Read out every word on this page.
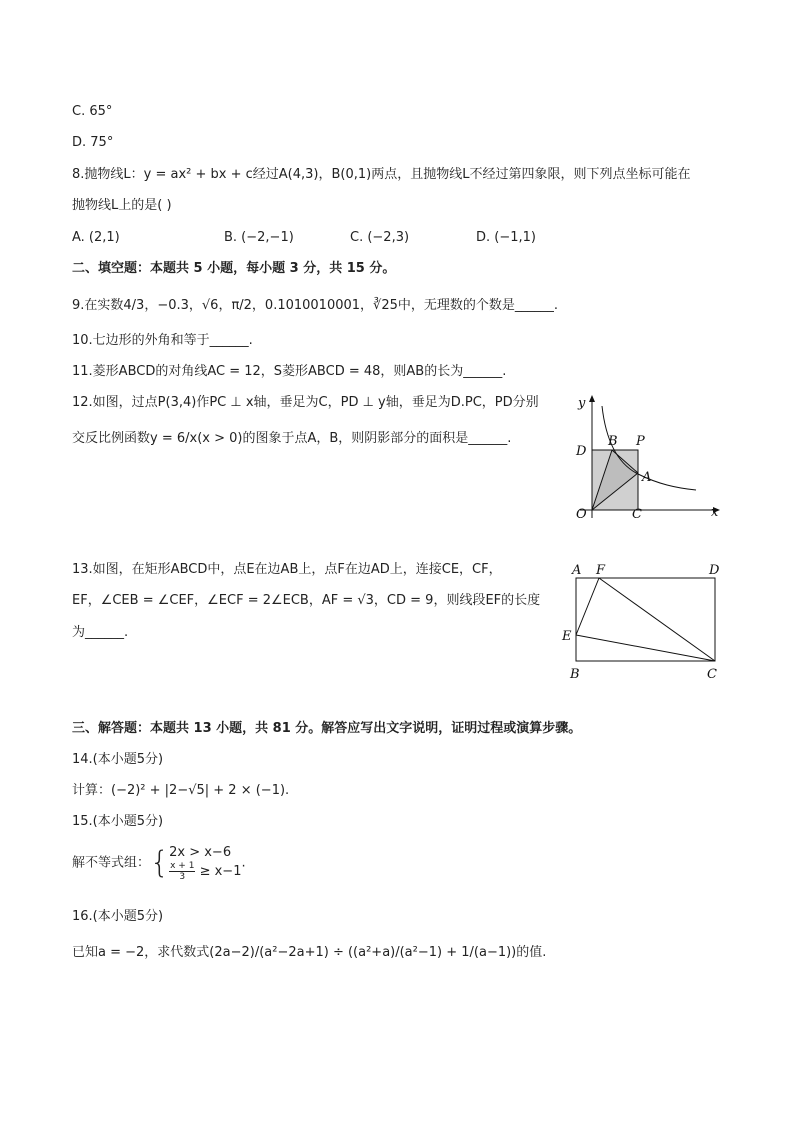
C. 65°
D. 75°
8.抛物线L：y = ax² + bx + c经过A(4,3)，B(0,1)两点，且抛物线L不经过第四象限，则下列点坐标可能在
抛物线L上的是( )
A. (2,1)	B. (−2,−1)	C. (−2,3)	D. (−1,1)
二、填空题：本题共 5 小题，每小题 3 分，共 15 分。
9.在实数4/3，−0.3，√6，π/2，0.1010010001，∛25中，无理数的个数是______.
10.七边形的外角和等于______.
11.菱形ABCD的对角线AC = 12，S菱形ABCD = 48，则AB的长为______.
12.如图，过点P(3,4)作PC ⊥ x轴，垂足为C，PD ⊥ y轴，垂足为D.PC，PD分别
交反比例函数y = 6/x(x > 0)的图象于点A，B，则阴影部分的面积是______.
y
x
O	C
D
B P
A
13.如图，在矩形ABCD中，点E在边AB上，点F在边AD上，连接CE，CF，
EF，∠CEB = ∠CEF，∠ECF = 2∠ECB，AF = √3，CD = 9，则线段EF的长度
为______.
A F	D
E
B	C
三、解答题：本题共 13 小题，共 81 分。解答应写出文字说明，证明过程或演算步骤。
14.(本小题5分)
计算：(−2)² + |2−√5| + 2 × (−1).
15.(本小题5分)
解不等式组：{ 2x > x−6
$\frac{x + 1}{3} \ge x-1$
.
16.(本小题5分)
已知a = −2，求代数式(2a−2)/(a²−2a+1) ÷ ((a²+a)/(a²−1) + 1/(a−1))的值.
